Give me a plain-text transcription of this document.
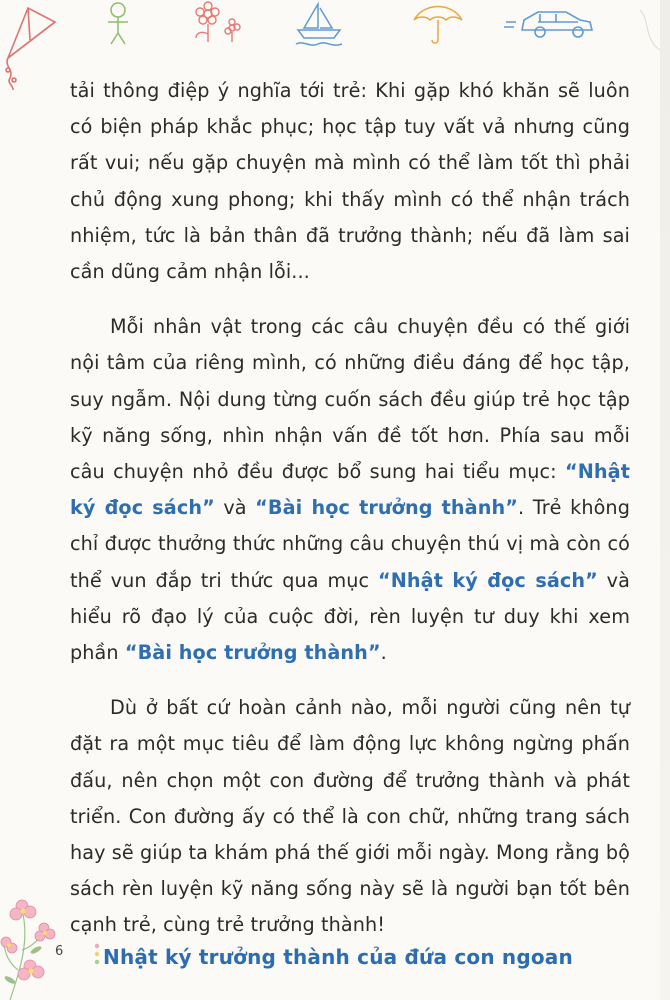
tải thông điệp ý nghĩa tới trẻ: Khi gặp khó khăn sẽ luôn có biện pháp khắc phục; học tập tuy vất vả nhưng cũng rất vui; nếu gặp chuyện mà mình có thể làm tốt thì phải chủ động xung phong; khi thấy mình có thể nhận trách nhiệm, tức là bản thân đã trưởng thành; nếu đã làm sai cần dũng cảm nhận lỗi...

Mỗi nhân vật trong các câu chuyện đều có thế giới nội tâm của riêng mình, có những điều đáng để học tập, suy ngẫm. Nội dung từng cuốn sách đều giúp trẻ học tập kỹ năng sống, nhìn nhận vấn đề tốt hơn. Phía sau mỗi câu chuyện nhỏ đều được bổ sung hai tiểu mục: “Nhật ký đọc sách” và “Bài học trưởng thành”. Trẻ không chỉ được thưởng thức những câu chuyện thú vị mà còn có thể vun đắp tri thức qua mục “Nhật ký đọc sách” và hiểu rõ đạo lý của cuộc đời, rèn luyện tư duy khi xem phần “Bài học trưởng thành”.

Dù ở bất cứ hoàn cảnh nào, mỗi người cũng nên tự đặt ra một mục tiêu để làm động lực không ngừng phấn đấu, nên chọn một con đường để trưởng thành và phát triển. Con đường ấy có thể là con chữ, những trang sách hay sẽ giúp ta khám phá thế giới mỗi ngày. Mong rằng bộ sách rèn luyện kỹ năng sống này sẽ là người bạn tốt bên cạnh trẻ, cùng trẻ trưởng thành!

6 Nhật ký trưởng thành của đứa con ngoan
